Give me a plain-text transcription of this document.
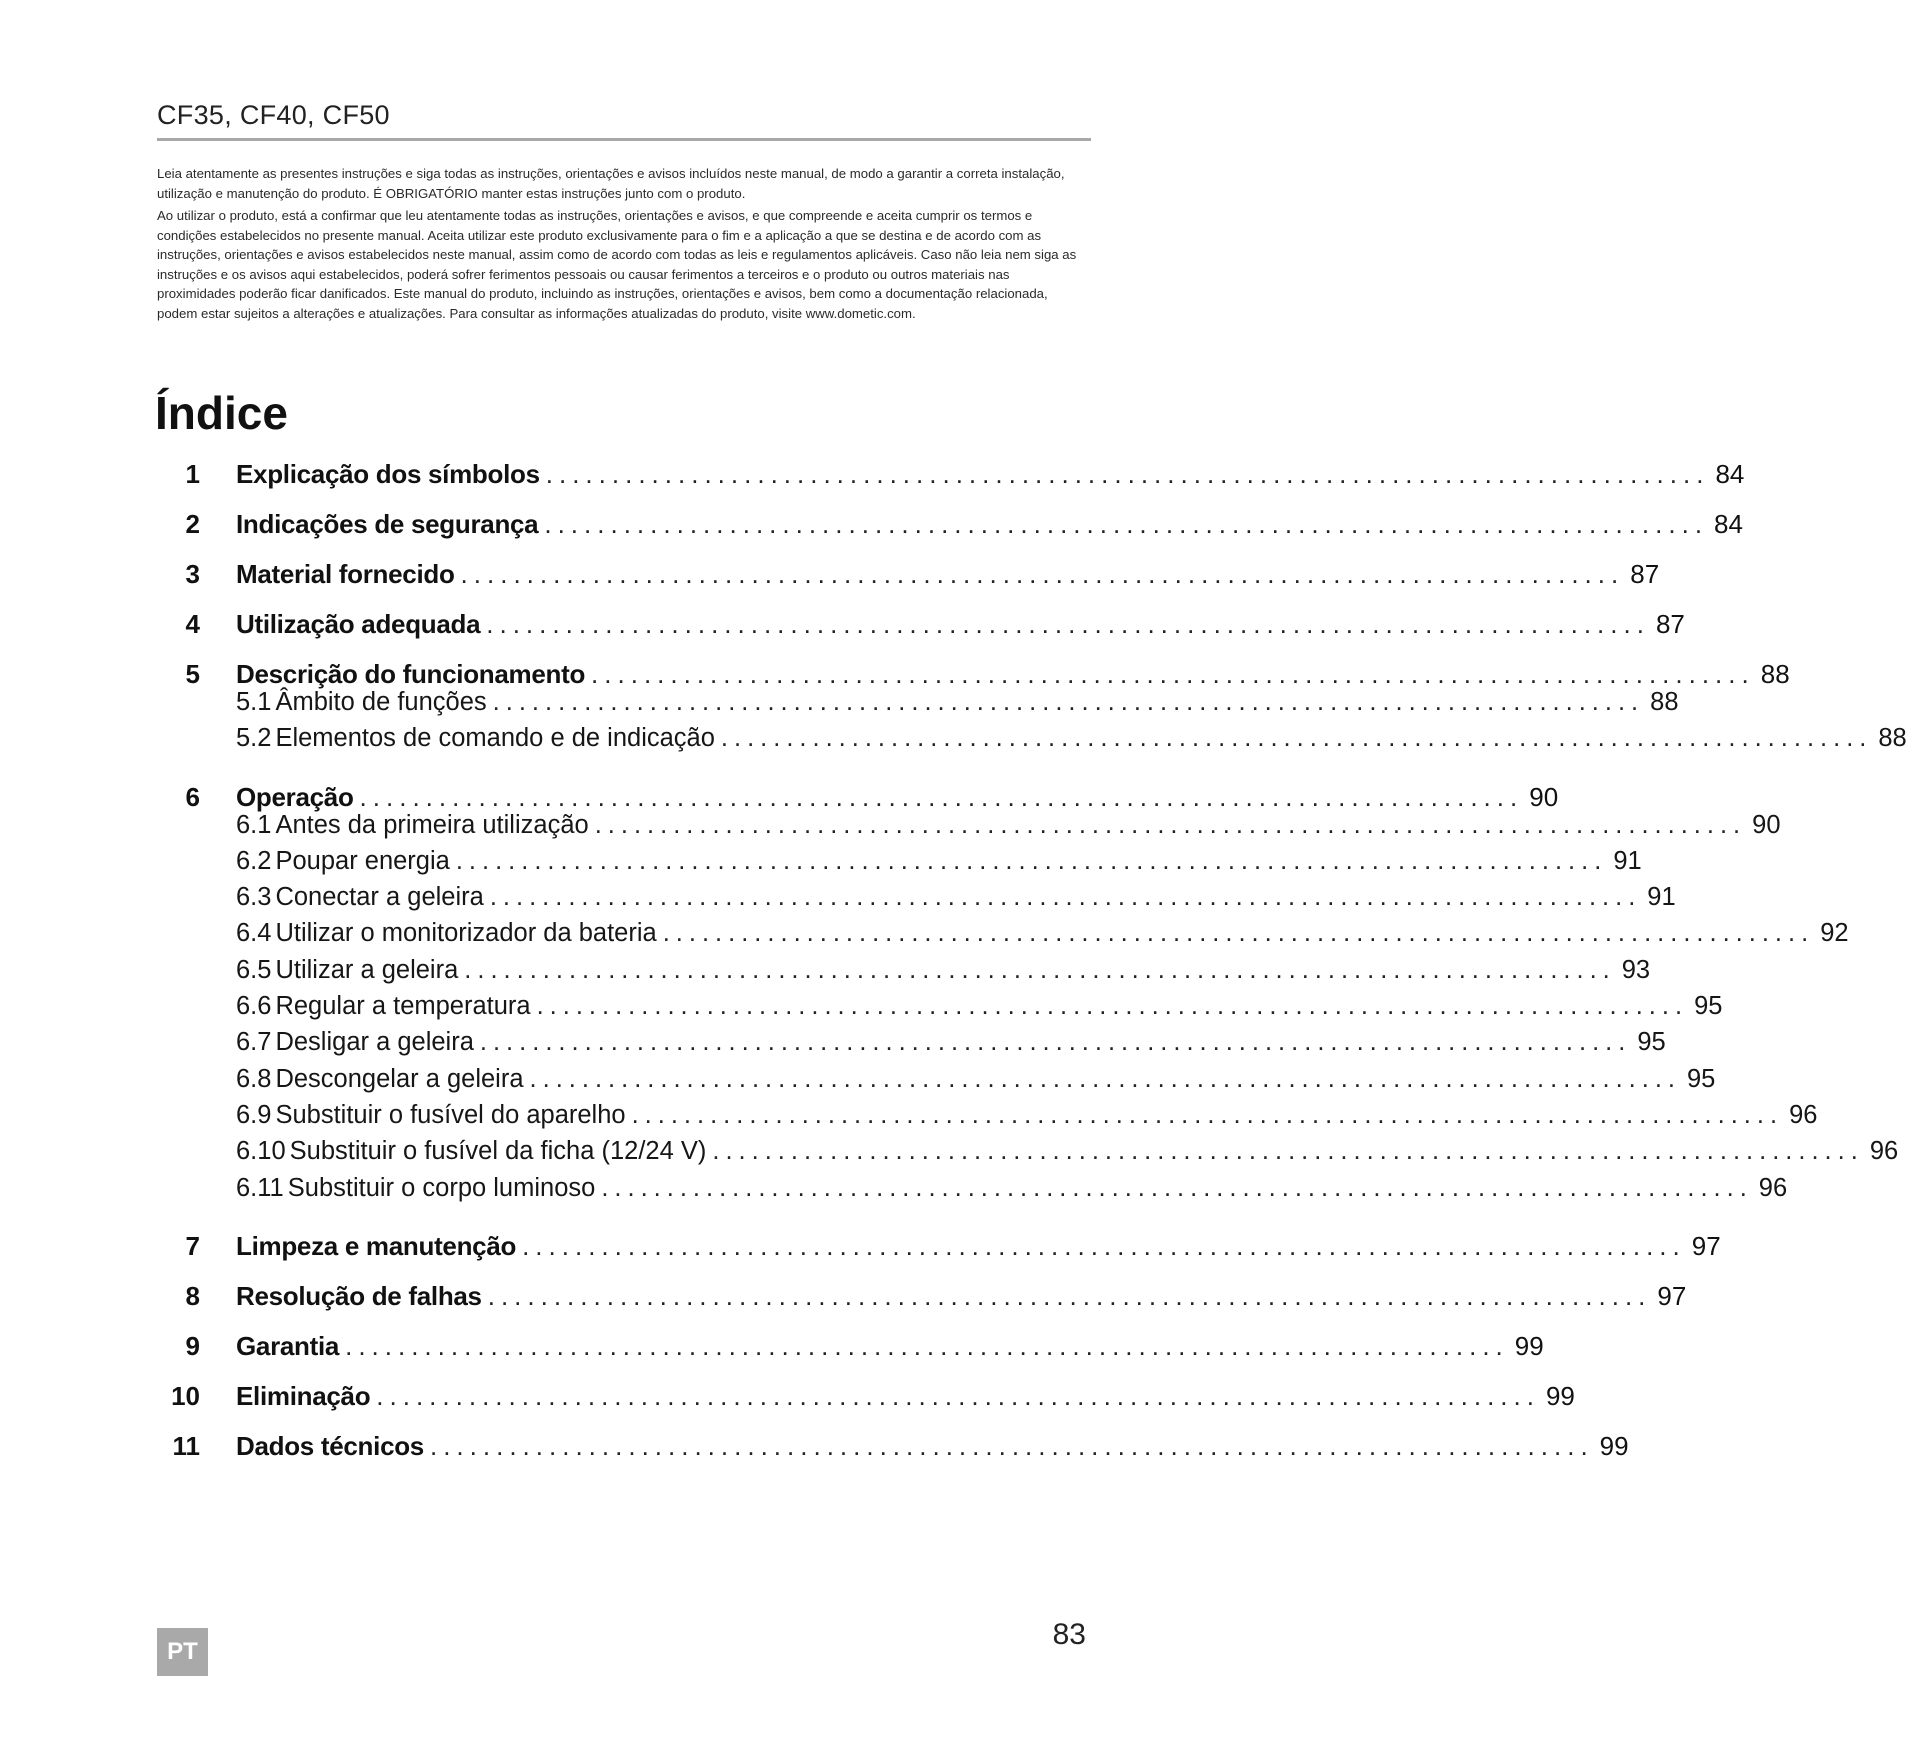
CF35, CF40, CF50

Leia atentamente as presentes instruções e siga todas as instruções, orientações e avisos incluídos neste manual, de modo a garantir a correta instalação, utilização e manutenção do produto. É OBRIGATÓRIO manter estas instruções junto com o produto.

Ao utilizar o produto, está a confirmar que leu atentamente todas as instruções, orientações e avisos, e que compreende e aceita cumprir os termos e condições estabelecidos no presente manual. Aceita utilizar este produto exclusivamente para o fim e a aplicação a que se destina e de acordo com as instruções, orientações e avisos estabelecidos neste manual, assim como de acordo com todas as leis e regulamentos aplicáveis. Caso não leia nem siga as instruções e os avisos aqui estabelecidos, poderá sofrer ferimentos pessoais ou causar ferimentos a terceiros e o produto ou outros materiais nas proximidades poderão ficar danificados. Este manual do produto, incluindo as instruções, orientações e avisos, bem como a documentação relacionada, podem estar sujeitos a alterações e atualizações. Para consultar as informações atualizadas do produto, visite www.dometic.com.

Índice
1 Explicação dos símbolos ........................................................................................ 84
2 Indicações de segurança ........................................................................................ 84
3 Material fornecido ........................................................................................ 87
4 Utilização adequada ........................................................................................ 87
5 Descrição do funcionamento ........................................................................................ 88
5.1 Âmbito de funções ........................................................................................ 88
5.2 Elementos de comando e de indicação ........................................................................................ 88
6 Operação ........................................................................................ 90
6.1 Antes da primeira utilização ........................................................................................ 90
6.2 Poupar energia ........................................................................................ 91
6.3 Conectar a geleira ........................................................................................ 91
6.4 Utilizar o monitorizador da bateria ........................................................................................ 92
6.5 Utilizar a geleira ........................................................................................ 93
6.6 Regular a temperatura ........................................................................................ 95
6.7 Desligar a geleira ........................................................................................ 95
6.8 Descongelar a geleira ........................................................................................ 95
6.9 Substituir o fusível do aparelho ........................................................................................ 96
6.10 Substituir o fusível da ficha (12/24 V) ........................................................................................ 96
6.11 Substituir o corpo luminoso ........................................................................................ 96
7 Limpeza e manutenção ........................................................................................ 97
8 Resolução de falhas ........................................................................................ 97
9 Garantia ........................................................................................ 99
10 Eliminação ........................................................................................ 99
11 Dados técnicos ........................................................................................ 99
PT
83
